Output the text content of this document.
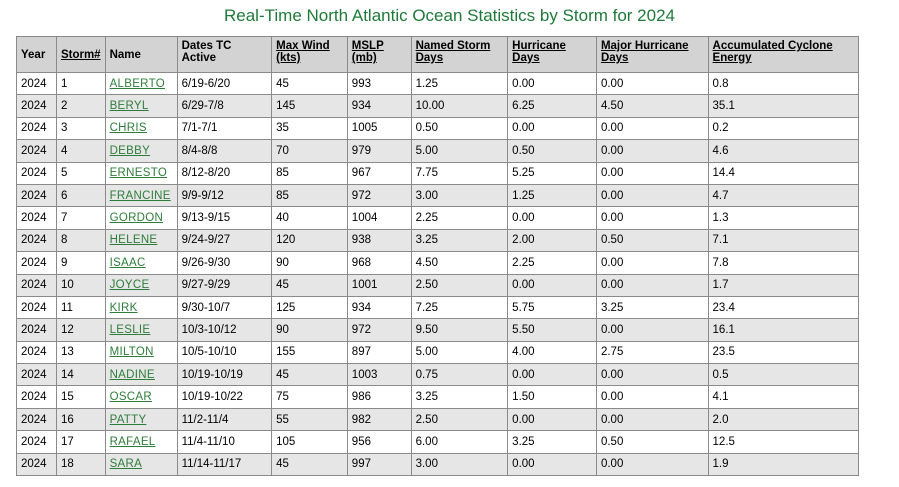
Real-Time North Atlantic Ocean Statistics by Storm for 2024
Year	Storm#	Name	Dates TC Active	Max Wind (kts)	MSLP (mb)	Named Storm Days	Hurricane Days	Major Hurricane Days	Accumulated Cyclone Energy
2024	1	ALBERTO	6/19-6/20	45	993	1.25	0.00	0.00	0.8
2024	2	BERYL	6/29-7/8	145	934	10.00	6.25	4.50	35.1
2024	3	CHRIS	7/1-7/1	35	1005	0.50	0.00	0.00	0.2
2024	4	DEBBY	8/4-8/8	70	979	5.00	0.50	0.00	4.6
2024	5	ERNESTO	8/12-8/20	85	967	7.75	5.25	0.00	14.4
2024	6	FRANCINE	9/9-9/12	85	972	3.00	1.25	0.00	4.7
2024	7	GORDON	9/13-9/15	40	1004	2.25	0.00	0.00	1.3
2024	8	HELENE	9/24-9/27	120	938	3.25	2.00	0.50	7.1
2024	9	ISAAC	9/26-9/30	90	968	4.50	2.25	0.00	7.8
2024	10	JOYCE	9/27-9/29	45	1001	2.50	0.00	0.00	1.7
2024	11	KIRK	9/30-10/7	125	934	7.25	5.75	3.25	23.4
2024	12	LESLIE	10/3-10/12	90	972	9.50	5.50	0.00	16.1
2024	13	MILTON	10/5-10/10	155	897	5.00	4.00	2.75	23.5
2024	14	NADINE	10/19-10/19	45	1003	0.75	0.00	0.00	0.5
2024	15	OSCAR	10/19-10/22	75	986	3.25	1.50	0.00	4.1
2024	16	PATTY	11/2-11/4	55	982	2.50	0.00	0.00	2.0
2024	17	RAFAEL	11/4-11/10	105	956	6.00	3.25	0.50	12.5
2024	18	SARA	11/14-11/17	45	997	3.00	0.00	0.00	1.9
